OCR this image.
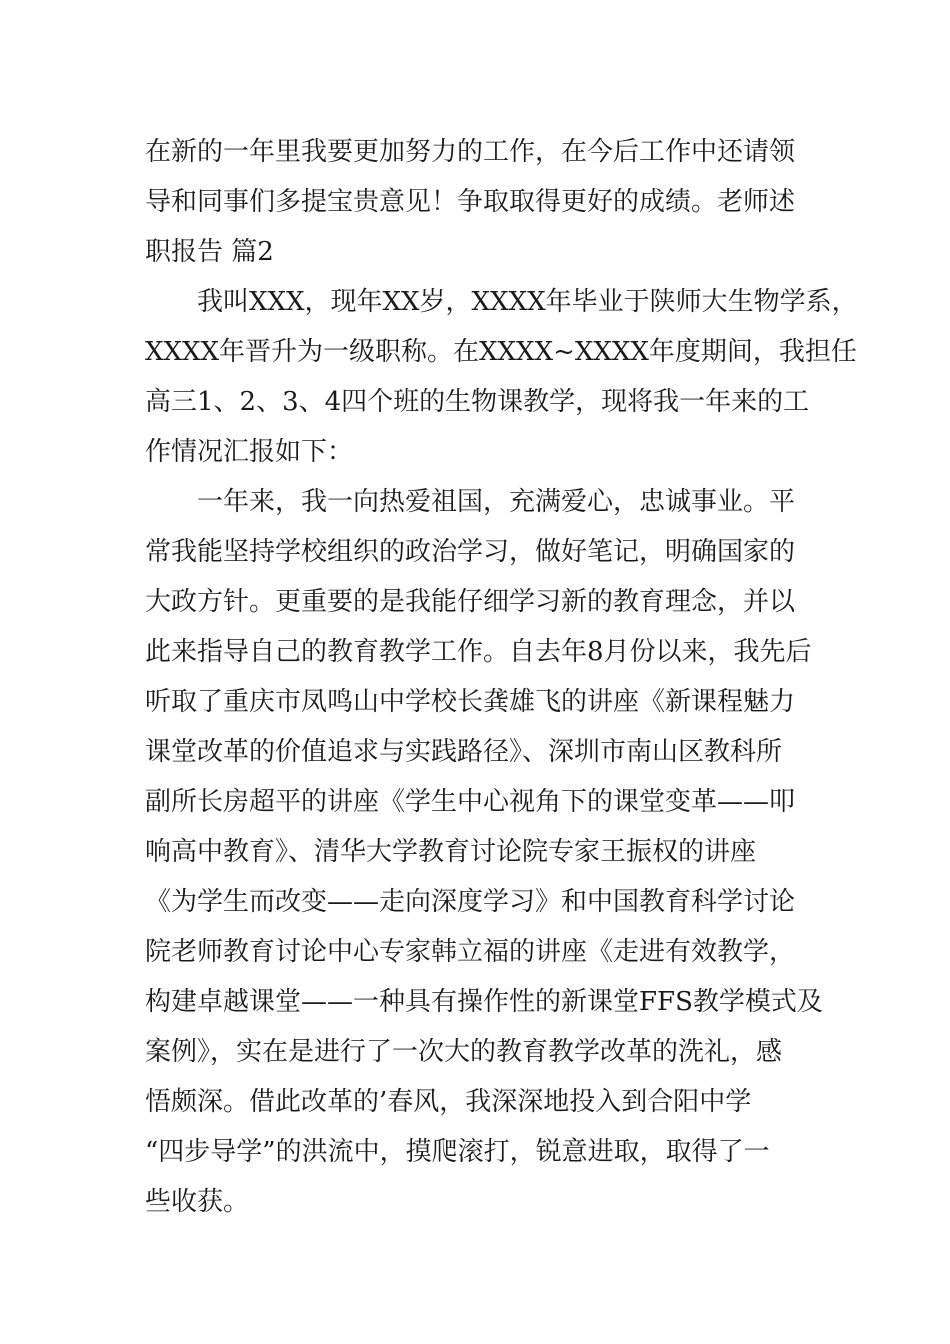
在新的一年里我要更加努力的工作，在今后工作中还请领
导和同事们多提宝贵意见！争取取得更好的成绩。老师述
职报告 篇2
我叫XXX，现年XX岁，XXXX年毕业于陕师大生物学系，
XXXX年晋升为一级职称。在XXXX~XXXX年度期间，我担任
高三1、2、3、4四个班的生物课教学，现将我一年来的工
作情况汇报如下：
一年来，我一向热爱祖国，充满爱心，忠诚事业。平
常我能坚持学校组织的政治学习，做好笔记，明确国家的
大政方针。更重要的是我能仔细学习新的教育理念，并以
此来指导自己的教育教学工作。自去年8月份以来，我先后
听取了重庆市凤鸣山中学校长龚雄飞的讲座《新课程魅力
课堂改革的价值追求与实践路径》、深圳市南山区教科所
副所长房超平的讲座《学生中心视角下的课堂变革——叩
响高中教育》、清华大学教育讨论院专家王振权的讲座
《为学生而改变——走向深度学习》和中国教育科学讨论
院老师教育讨论中心专家韩立福的讲座《走进有效教学，
构建卓越课堂——一种具有操作性的新课堂FFS教学模式及
案例》，实在是进行了一次大的教育教学改革的洗礼，感
悟颇深。借此改革的’春风，我深深地投入到合阳中学
“四步导学”的洪流中，摸爬滚打，锐意进取，取得了一
些收获。
